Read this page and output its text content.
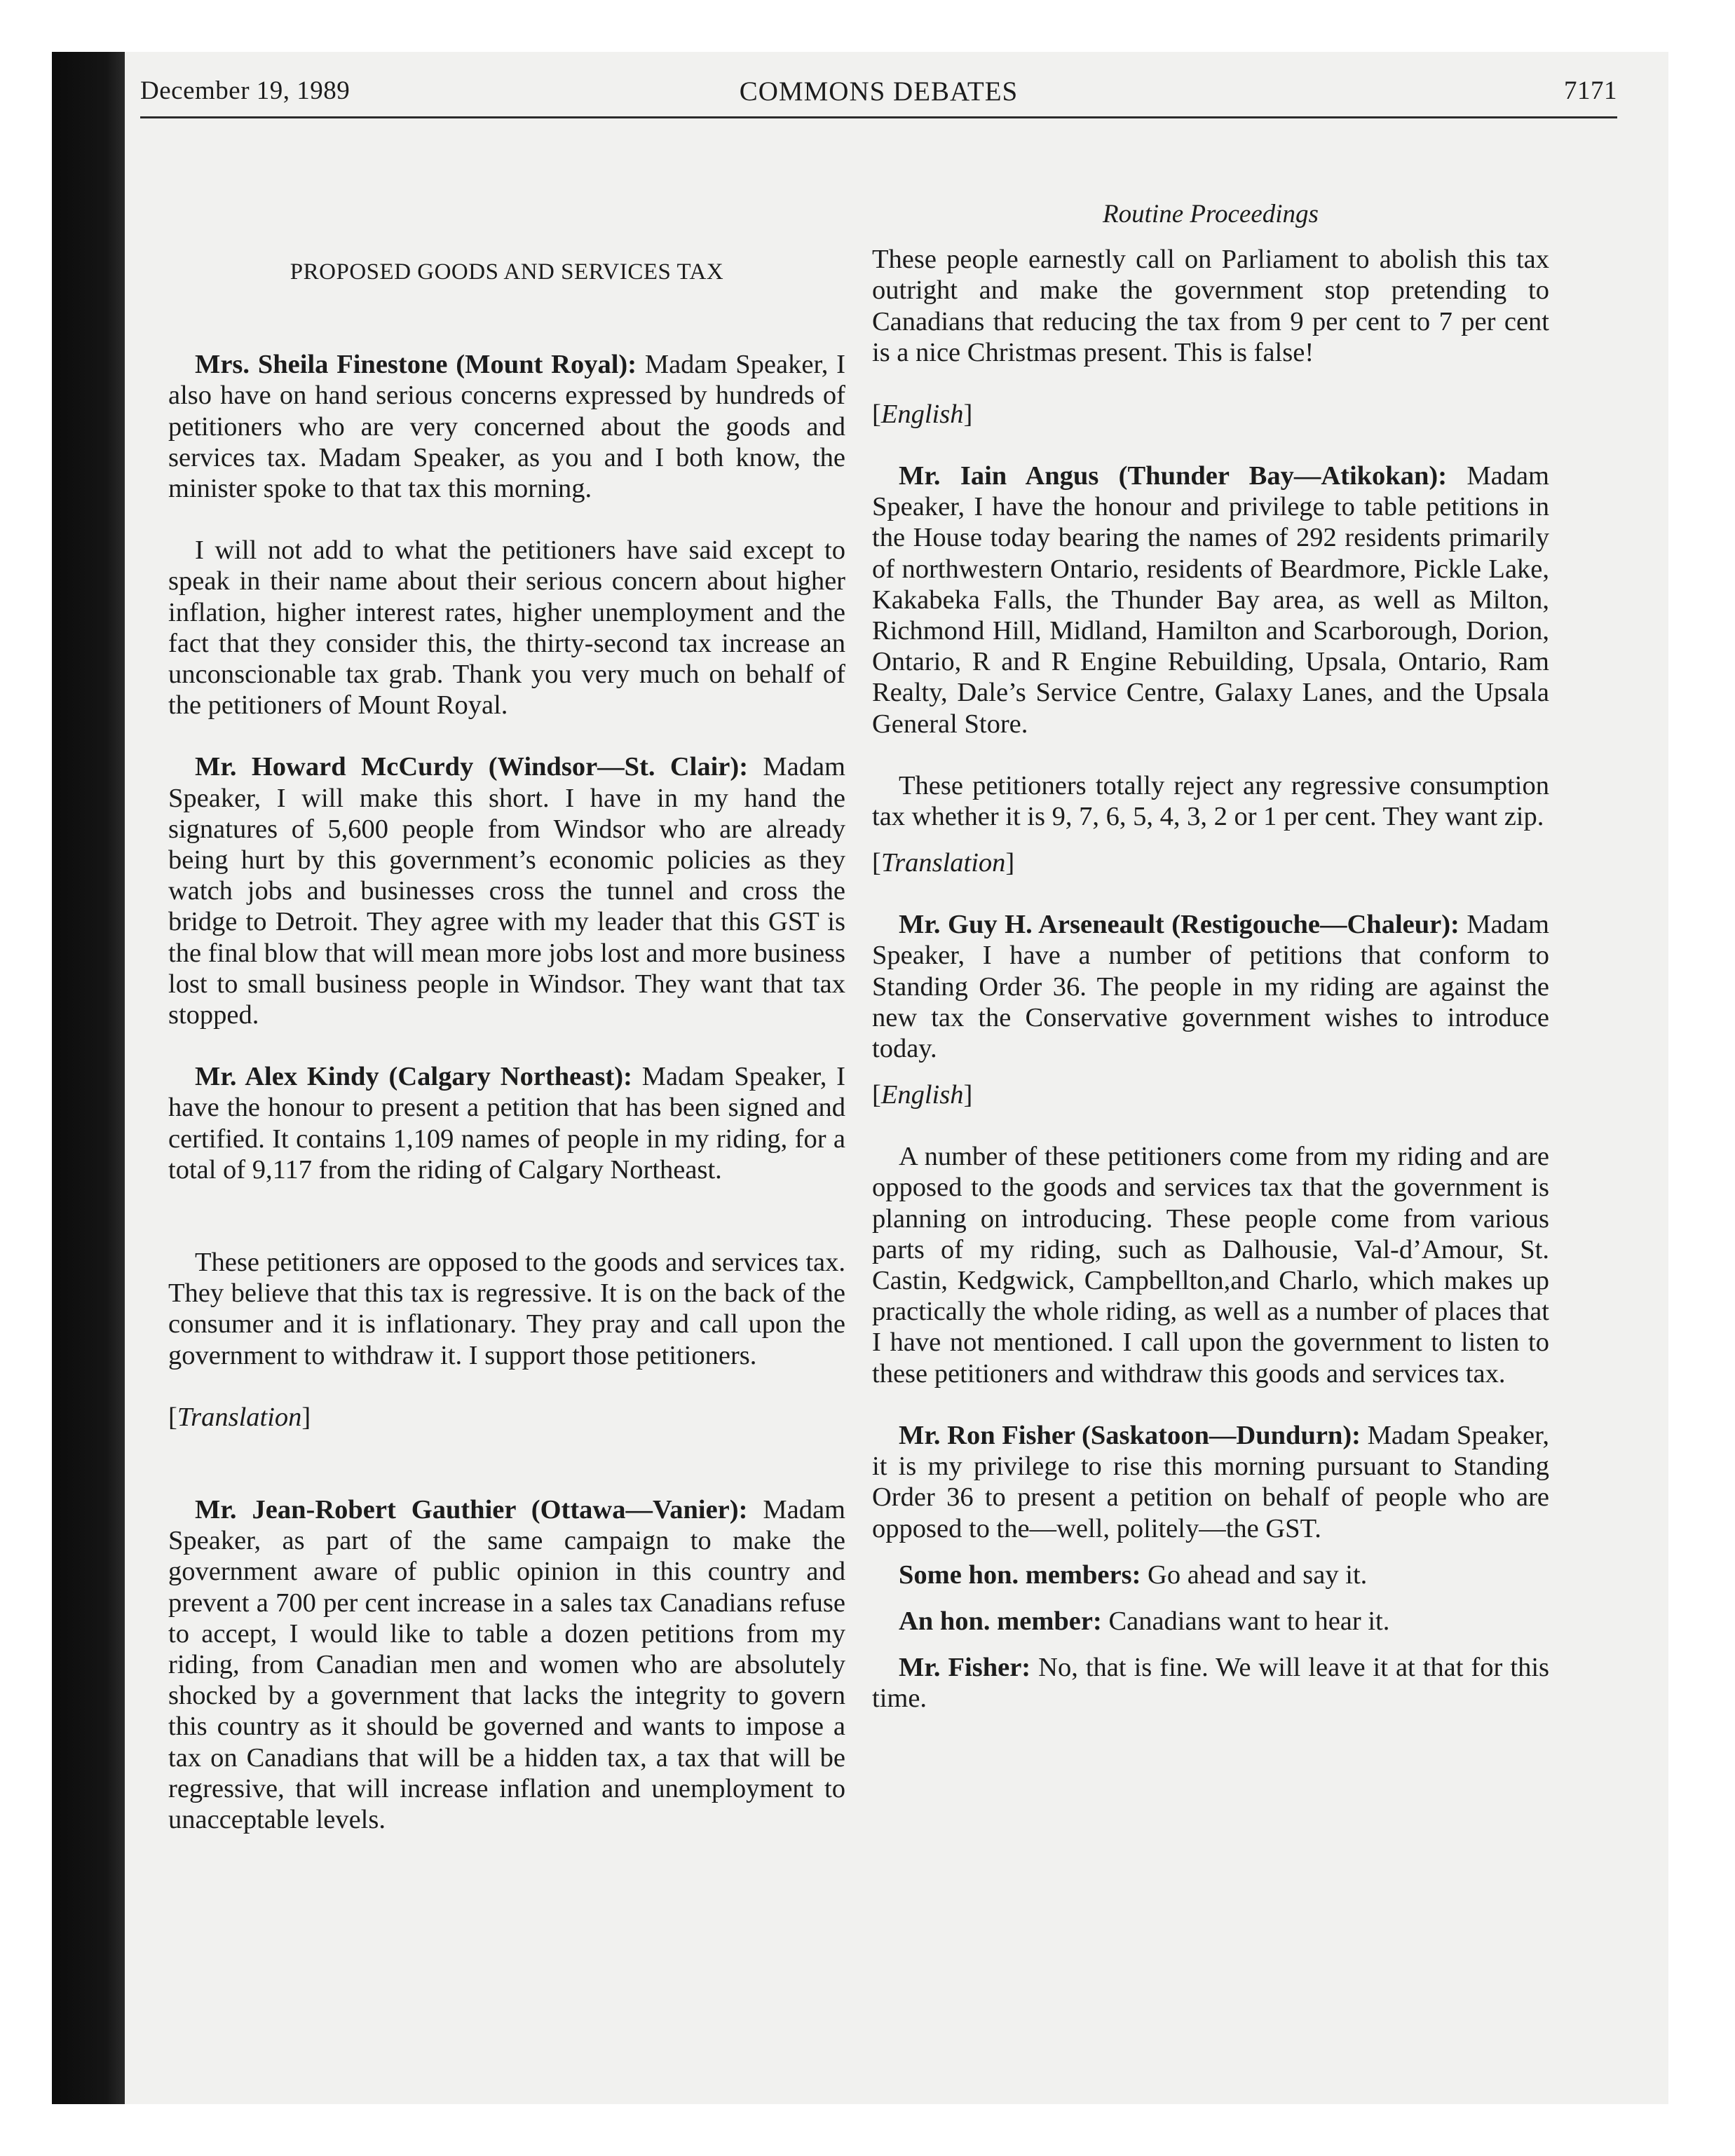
December 19, 1989	COMMONS DEBATES	7171

PROPOSED GOODS AND SERVICES TAX

Mrs. Sheila Finestone (Mount Royal): Madam Speaker, I also have on hand serious concerns expressed by hundreds of petitioners who are very concerned about the goods and services tax. Madam Speaker, as you and I both know, the minister spoke to that tax this morning.

I will not add to what the petitioners have said except to speak in their name about their serious concern about higher inflation, higher interest rates, higher unemployment and the fact that they consider this, the thirty-second tax increase an unconscionable tax grab. Thank you very much on behalf of the petitioners of Mount Royal.

Mr. Howard McCurdy (Windsor—St. Clair): Madam Speaker, I will make this short. I have in my hand the signatures of 5,600 people from Windsor who are already being hurt by this government’s economic policies as they watch jobs and businesses cross the tunnel and cross the bridge to Detroit. They agree with my leader that this GST is the final blow that will mean more jobs lost and more business lost to small business people in Windsor. They want that tax stopped.

Mr. Alex Kindy (Calgary Northeast): Madam Speaker, I have the honour to present a petition that has been signed and certified. It contains 1,109 names of people in my riding, for a total of 9,117 from the riding of Calgary Northeast.

These petitioners are opposed to the goods and services tax. They believe that this tax is regressive. It is on the back of the consumer and it is inflationary. They pray and call upon the government to withdraw it. I support those petitioners.

[Translation]

Mr. Jean-Robert Gauthier (Ottawa—Vanier): Madam Speaker, as part of the same campaign to make the government aware of public opinion in this country and prevent a 700 per cent increase in a sales tax Canadians refuse to accept, I would like to table a dozen petitions from my riding, from Canadian men and women who are absolutely shocked by a government that lacks the integrity to govern this country as it should be governed and wants to impose a tax on Canadians that will be a hidden tax, a tax that will be regressive, that will increase inflation and unemployment to unacceptable levels.

Routine Proceedings

These people earnestly call on Parliament to abolish this tax outright and make the government stop pretending to Canadians that reducing the tax from 9 per cent to 7 per cent is a nice Christmas present. This is false!

[English]

Mr. Iain Angus (Thunder Bay—Atikokan): Madam Speaker, I have the honour and privilege to table petitions in the House today bearing the names of 292 residents primarily of northwestern Ontario, residents of Beardmore, Pickle Lake, Kakabeka Falls, the Thunder Bay area, as well as Milton, Richmond Hill, Midland, Hamilton and Scarborough, Dorion, Ontario, R and R Engine Rebuilding, Upsala, Ontario, Ram Realty, Dale’s Service Centre, Galaxy Lanes, and the Upsala General Store.

These petitioners totally reject any regressive consumption tax whether it is 9, 7, 6, 5, 4, 3, 2 or 1 per cent. They want zip.

[Translation]

Mr. Guy H. Arseneault (Restigouche—Chaleur): Madam Speaker, I have a number of petitions that conform to Standing Order 36. The people in my riding are against the new tax the Conservative government wishes to introduce today.

[English]

A number of these petitioners come from my riding and are opposed to the goods and services tax that the government is planning on introducing. These people come from various parts of my riding, such as Dalhousie, Val-d’Amour, St. Castin, Kedgwick, Campbellton,and Charlo, which makes up practically the whole riding, as well as a number of places that I have not mentioned. I call upon the government to listen to these petitioners and withdraw this goods and services tax.

Mr. Ron Fisher (Saskatoon—Dundurn): Madam Speaker, it is my privilege to rise this morning pursuant to Standing Order 36 to present a petition on behalf of people who are opposed to the—well, politely—the GST.

Some hon. members: Go ahead and say it.

An hon. member: Canadians want to hear it.

Mr. Fisher: No, that is fine. We will leave it at that for this time.
